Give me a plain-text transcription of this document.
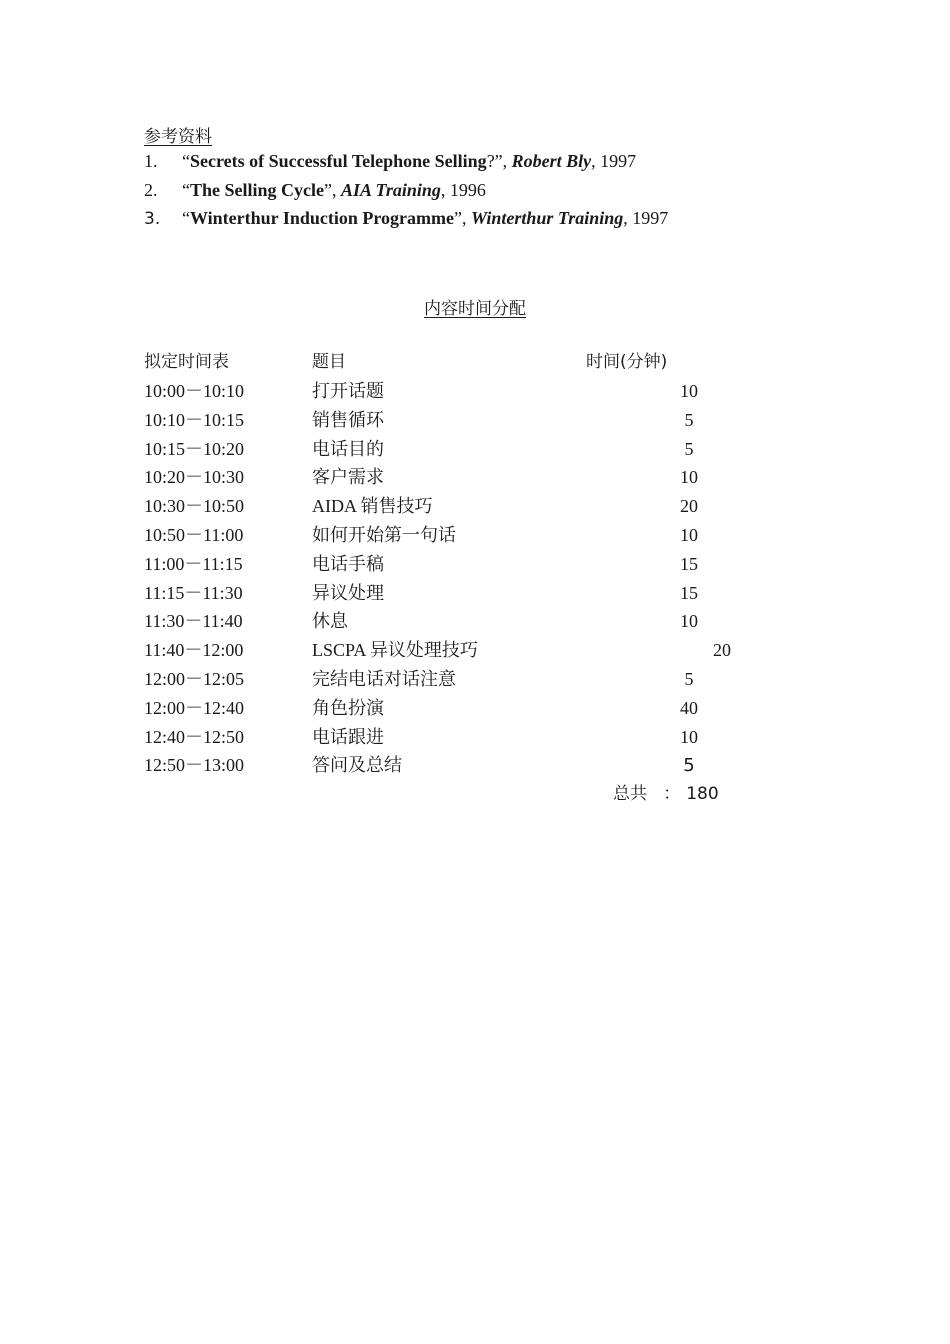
参考资料
1. “Secrets of Successful Telephone Selling?”, Robert Bly, 1997
2. “The Selling Cycle”, AIA Training, 1996
3. “Winterthur Induction Programme”, Winterthur Training, 1997
内容时间分配
拟定时间表	题目	时间(分钟)
10:00－10:10	打开话题	10
10:10－10:15	销售循环	5
10:15－10:20	电话目的	5
10:20－10:30	客户需求	10
10:30－10:50	AIDA 销售技巧	20
10:50－11:00	如何开始第一句话	10
11:00－11:15	电话手稿	15
11:15－11:30	异议处理	15
11:30－11:40	休息	10
11:40－12:00	LSCPA 异议处理技巧	20
12:00－12:05	完结电话对话注意	5
12:00－12:40	角色扮演	40
12:40－12:50	电话跟进	10
12:50－13:00	答问及总结	5
总共 ： 180
